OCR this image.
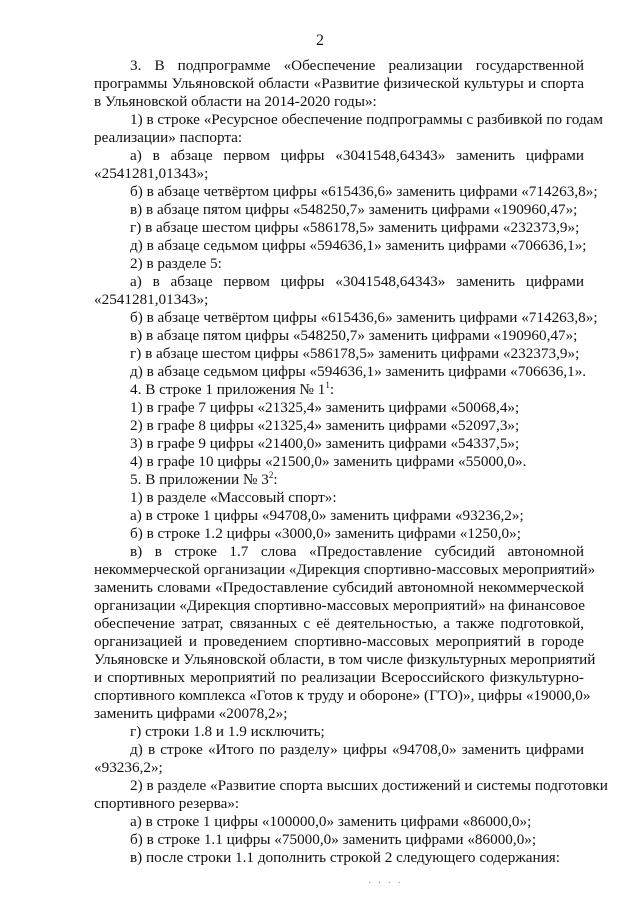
2
3. В подпрограмме «Обеспечение реализации государственной
программы Ульяновской области «Развитие физической культуры и спорта
в Ульяновской области на 2014-2020 годы»:
1) в строке «Ресурсное обеспечение подпрограммы с разбивкой по годам
реализации» паспорта:
а) в абзаце первом цифры «3041548,64343» заменить цифрами
«2541281,01343»;
б) в абзаце четвёртом цифры «615436,6» заменить цифрами «714263,8»;
в) в абзаце пятом цифры «548250,7» заменить цифрами «190960,47»;
г) в абзаце шестом цифры «586178,5» заменить цифрами «232373,9»;
д) в абзаце седьмом цифры «594636,1» заменить цифрами «706636,1»;
2) в разделе 5:
а) в абзаце первом цифры «3041548,64343» заменить цифрами
«2541281,01343»;
б) в абзаце четвёртом цифры «615436,6» заменить цифрами «714263,8»;
в) в абзаце пятом цифры «548250,7» заменить цифрами «190960,47»;
г) в абзаце шестом цифры «586178,5» заменить цифрами «232373,9»;
д) в абзаце седьмом цифры «594636,1» заменить цифрами «706636,1».
4. В строке 1 приложения № $1^1$:
1) в графе 7 цифры «21325,4» заменить цифрами «50068,4»;
2) в графе 8 цифры «21325,4» заменить цифрами «52097,3»;
3) в графе 9 цифры «21400,0» заменить цифрами «54337,5»;
4) в графе 10 цифры «21500,0» заменить цифрами «55000,0».
5. В приложении № $3^2$:
1) в разделе «Массовый спорт»:
а) в строке 1 цифры «94708,0» заменить цифрами «93236,2»;
б) в строке 1.2 цифры «3000,0» заменить цифрами «1250,0»;
в) в строке 1.7 слова «Предоставление субсидий автономной
некоммерческой организации «Дирекция спортивно-массовых мероприятий»
заменить словами «Предоставление субсидий автономной некоммерческой
организации «Дирекция спортивно-массовых мероприятий» на финансовое
обеспечение затрат, связанных с её деятельностью, а также подготовкой,
организацией и проведением спортивно-массовых мероприятий в городе
Ульяновске и Ульяновской области, в том числе физкультурных мероприятий
и спортивных мероприятий по реализации Всероссийского физкультурно-
спортивного комплекса «Готов к труду и обороне» (ГТО)», цифры «19000,0»
заменить цифрами «20078,2»;
г) строки 1.8 и 1.9 исключить;
д) в строке «Итого по разделу» цифры «94708,0» заменить цифрами
«93236,2»;
2) в разделе «Развитие спорта высших достижений и системы подготовки
спортивного резерва»:
а) в строке 1 цифры «100000,0» заменить цифрами «86000,0»;
б) в строке 1.1 цифры «75000,0» заменить цифрами «86000,0»;
в) после строки 1.1 дополнить строкой 2 следующего содержания:
· · · ·
